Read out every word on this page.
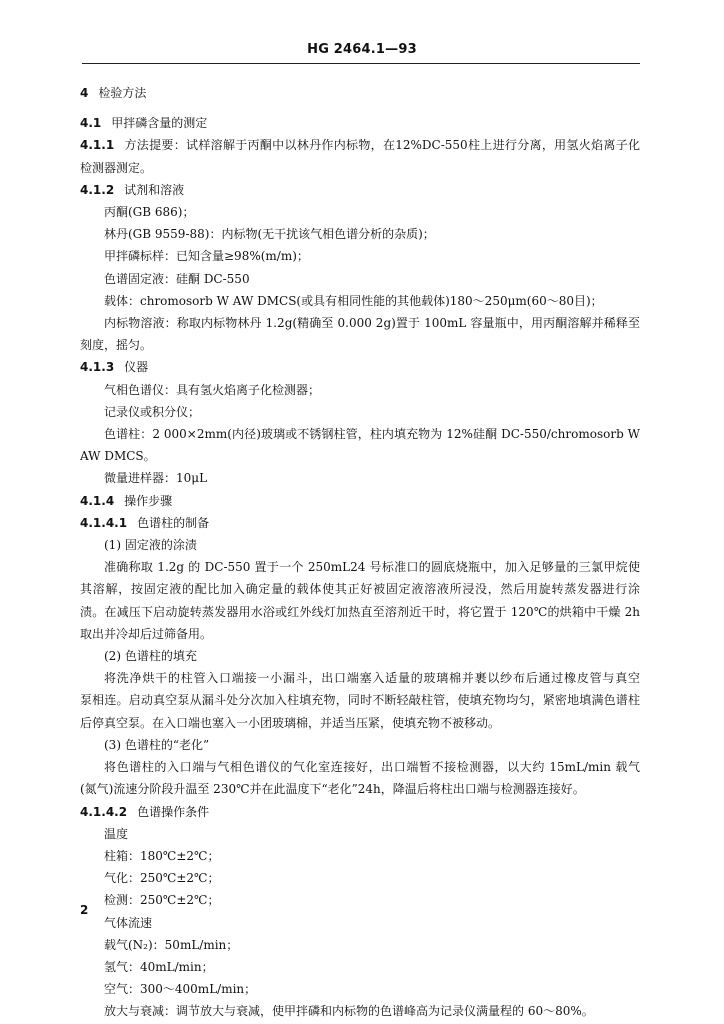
HG 2464.1—93
4 检验方法
4.1 甲拌磷含量的测定
4.1.1 方法提要：试样溶解于丙酮中以林丹作内标物，在12%DC-550柱上进行分离，用氢火焰离子化
检测器测定。
4.1.2 试剂和溶液
丙酮(GB 686)；
林丹(GB 9559-88)：内标物(无干扰该气相色谱分析的杂质)；
甲拌磷标样：已知含量≥98%(m/m)；
色谱固定液：硅酮 DC-550
载体：chromosorb W AW DMCS(或具有相同性能的其他载体)180～250μm(60～80目)；
内标物溶液：称取内标物林丹 1.2g(精确至 0.000 2g)置于 100mL 容量瓶中，用丙酮溶解并稀释至
刻度，摇匀。
4.1.3 仪器
气相色谱仪：具有氢火焰离子化检测器；
记录仪或积分仪；
色谱柱：2 000×2mm(内径)玻璃或不锈钢柱管，柱内填充物为 12%硅酮 DC-550/chromosorb W
AW DMCS。
微量进样器：10μL
4.1.4 操作步骤
4.1.4.1 色谱柱的制备
(1) 固定液的涂渍
准确称取 1.2g 的 DC-550 置于一个 250mL24 号标准口的圆底烧瓶中，加入足够量的三氯甲烷使
其溶解，按固定液的配比加入确定量的载体使其正好被固定液溶液所浸没，然后用旋转蒸发器进行涂
渍。在减压下启动旋转蒸发器用水浴或红外线灯加热直至溶剂近干时，将它置于 120℃的烘箱中干燥 2h
取出并冷却后过筛备用。
(2) 色谱柱的填充
将洗净烘干的柱管入口端接一小漏斗，出口端塞入适量的玻璃棉并裹以纱布后通过橡皮管与真空
泵相连。启动真空泵从漏斗处分次加入柱填充物，同时不断轻敲柱管，使填充物均匀，紧密地填满色谱柱
后停真空泵。在入口端也塞入一小团玻璃棉，并适当压紧，使填充物不被移动。
(3) 色谱柱的“老化”
将色谱柱的入口端与气相色谱仪的气化室连接好，出口端暂不接检测器，以大约 15mL/min 载气
(氮气)流速分阶段升温至 230℃并在此温度下“老化”24h，降温后将柱出口端与检测器连接好。
4.1.4.2 色谱操作条件
温度
柱箱：180℃±2℃；
气化：250℃±2℃；
检测：250℃±2℃；
气体流速
载气(N₂)：50mL/min；
氢气：40mL/min；
空气：300～400mL/min；
放大与衰减：调节放大与衰减，使甲拌磷和内标物的色谱峰高为记录仪满量程的 60～80%。
2
